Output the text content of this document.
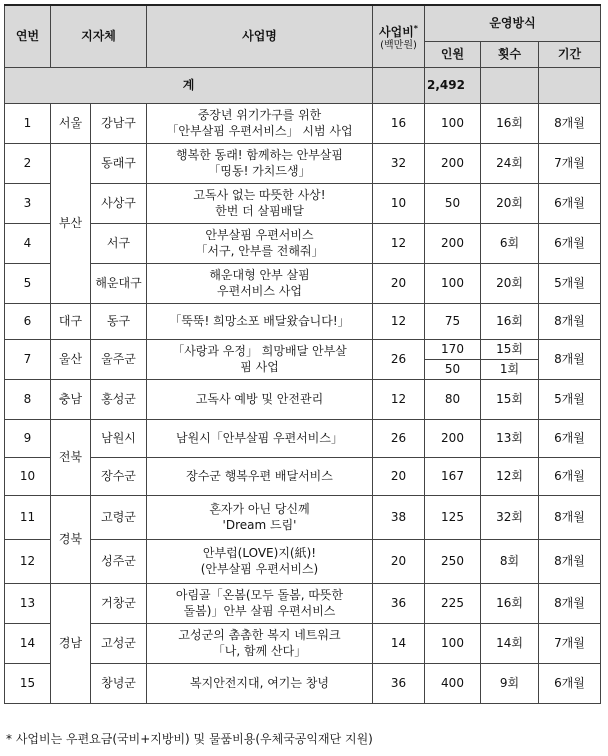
연번	지자체		사업명	사업비*
(백만원)	운영방식		
					인원	횟수	기간
계					2,492		
1	서울	강남구	중장년 위기가구를 위한
「안부살핌 우편서비스」 시범 사업	16	100	16회	8개월
2	부산	동래구	행복한 동래! 함께하는 안부살핌
「띵동! 가치드생」	32	200	24회	7개월
3		사상구	고독사 없는 따뜻한 사상!
한번 더 살핌배달	10	50	20회	6개월
4		서구	안부살핌 우편서비스
「서구, 안부를 전해줘」	12	200	6회	6개월
5		해운대구	해운대형 안부 살핌
우편서비스 사업	20	100	20회	5개월
6	대구	동구	「뚝뚝! 희망소포 배달왔습니다!」	12	75	16회	8개월
7	울산	울주군	「사랑과 우정」 희망배달 안부살
핌 사업	26	170	15회	8개월
					50	1회	
8	충남	홍성군	고독사 예방 및 안전관리	12	80	15회	5개월
9	전북	남원시	남원시「안부살핌 우편서비스」	26	200	13회	6개월
10		장수군	장수군 행복우편 배달서비스	20	167	12회	6개월
11	경북	고령군	혼자가 아닌 당신께
'Dream 드림'	38	125	32회	8개월
12		성주군	안부럽(LOVE)지(紙)!
(안부살핌 우편서비스)	20	250	8회	8개월
13	경남	거창군	아림골「온봄(모두 돌봄, 따뜻한
돌봄)」안부 살핌 우편서비스	36	225	16회	8개월
14		고성군	고성군의 촘촘한 복지 네트워크
「나, 함께 산다」	14	100	14회	7개월
15		창녕군	복지안전지대, 여기는 창녕	36	400	9회	6개월
* 사업비는 우편요금(국비+지방비) 및 물품비용(우체국공익재단 지원)
